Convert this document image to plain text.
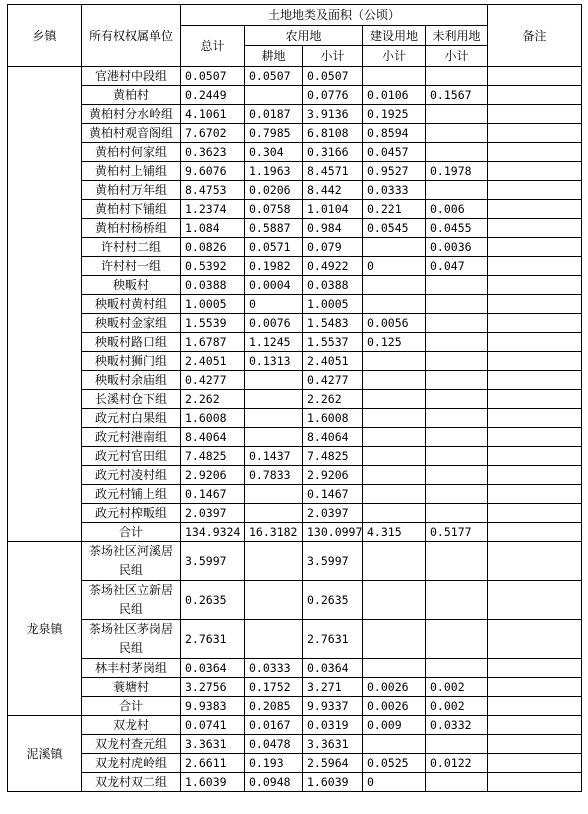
乡镇	所有权权属单位	土地地类及面积（公顷）					备注
		总计	农用地		建设用地	未利用地	
			耕地	小计	小计	小计	
	官港村中段组	0.0507	0.0507	0.0507			
	黄柏村	0.2449		0.0776	0.0106	0.1567	
	黄柏村分水岭组	4.1061	0.0187	3.9136	0.1925		
	黄柏村观音阁组	7.6702	0.7985	6.8108	0.8594		
	黄柏村何家组	0.3623	0.304	0.3166	0.0457		
	黄柏村上铺组	9.6076	1.1963	8.4571	0.9527	0.1978	
	黄柏村万年组	8.4753	0.0206	8.442	0.0333		
	黄柏村下铺组	1.2374	0.0758	1.0104	0.221	0.006	
	黄柏村杨桥组	1.084	0.5887	0.984	0.0545	0.0455	
	许村村二组	0.0826	0.0571	0.079		0.0036	
	许村村一组	0.5392	0.1982	0.4922	0	0.047	
	秧畈村	0.0388	0.0004	0.0388			
	秧畈村黄村组	1.0005	0	1.0005			
	秧畈村金家组	1.5539	0.0076	1.5483	0.0056		
	秧畈村路口组	1.6787	1.1245	1.5537	0.125		
	秧畈村狮门组	2.4051	0.1313	2.4051			
	秧畈村余庙组	0.4277		0.4277			
	长溪村仓下组	2.262		2.262			
	政元村白果组	1.6008		1.6008			
	政元村港南组	8.4064		8.4064			
	政元村官田组	7.4825	0.1437	7.4825			
	政元村凌村组	2.9206	0.7833	2.9206			
	政元村铺上组	0.1467		0.1467			
	政元村榨畈组	2.0397		2.0397			
	合计	134.9324	16.3182	130.0997	4.315	0.5177	
龙泉镇	茶场社区河溪居民组	3.5997		3.5997			
	茶场社区立新居民组	0.2635		0.2635			
	茶场社区茅岗居民组	2.7631		2.7631			
	林丰村茅岗组	0.0364	0.0333	0.0364			
	蓑塘村	3.2756	0.1752	3.271	0.0026	0.002	
	合计	9.9383	0.2085	9.9337	0.0026	0.002	
泥溪镇	双龙村	0.0741	0.0167	0.0319	0.009	0.0332	
	双龙村查元组	3.3631	0.0478	3.3631			
	双龙村虎岭组	2.6611	0.193	2.5964	0.0525	0.0122	
	双龙村双二组	1.6039	0.0948	1.6039	0		
